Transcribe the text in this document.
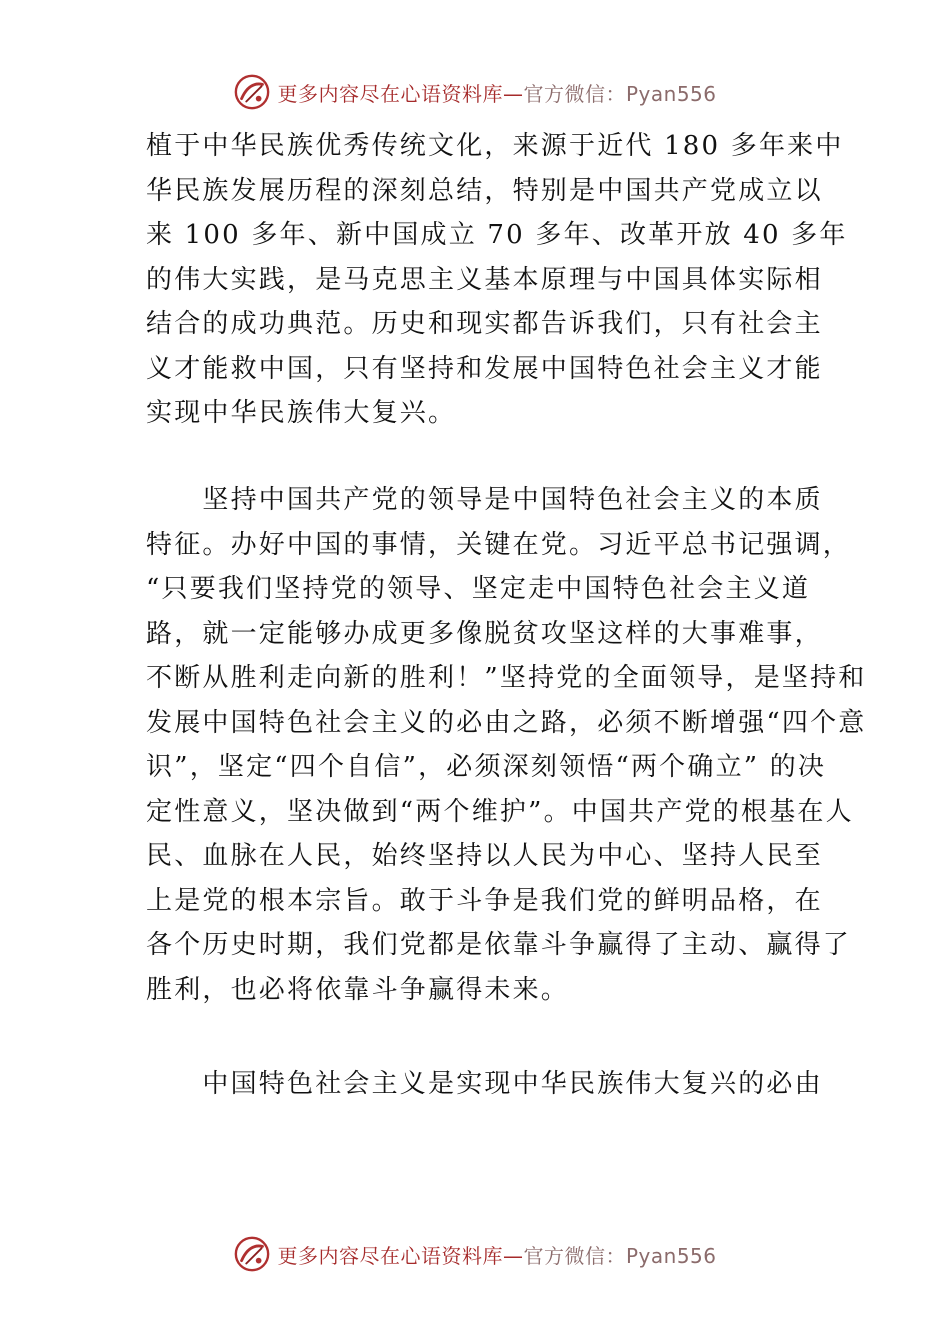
更多内容尽在心语资料库—官方微信：Pyan556
植于中华民族优秀传统文化，来源于近代 180 多年来中
华民族发展历程的深刻总结，特别是中国共产党成立以
来 100 多年、新中国成立 70 多年、改革开放 40 多年
的伟大实践，是马克思主义基本原理与中国具体实际相
结合的成功典范。历史和现实都告诉我们，只有社会主
义才能救中国，只有坚持和发展中国特色社会主义才能
实现中华民族伟大复兴。
　　坚持中国共产党的领导是中国特色社会主义的本质
特征。办好中国的事情，关键在党。习近平总书记强调，
“只要我们坚持党的领导、坚定走中国特色社会主义道
路，就一定能够办成更多像脱贫攻坚这样的大事难事，
不断从胜利走向新的胜利！”坚持党的全面领导，是坚持和
发展中国特色社会主义的必由之路，必须不断增强“四个意
识”，坚定“四个自信”，必须深刻领悟“两个确立” 的决
定性意义，坚决做到“两个维护”。中国共产党的根基在人
民、血脉在人民，始终坚持以人民为中心、坚持人民至
上是党的根本宗旨。敢于斗争是我们党的鲜明品格，在
各个历史时期，我们党都是依靠斗争赢得了主动、赢得了
胜利，也必将依靠斗争赢得未来。
　　中国特色社会主义是实现中华民族伟大复兴的必由
更多内容尽在心语资料库—官方微信：Pyan556
